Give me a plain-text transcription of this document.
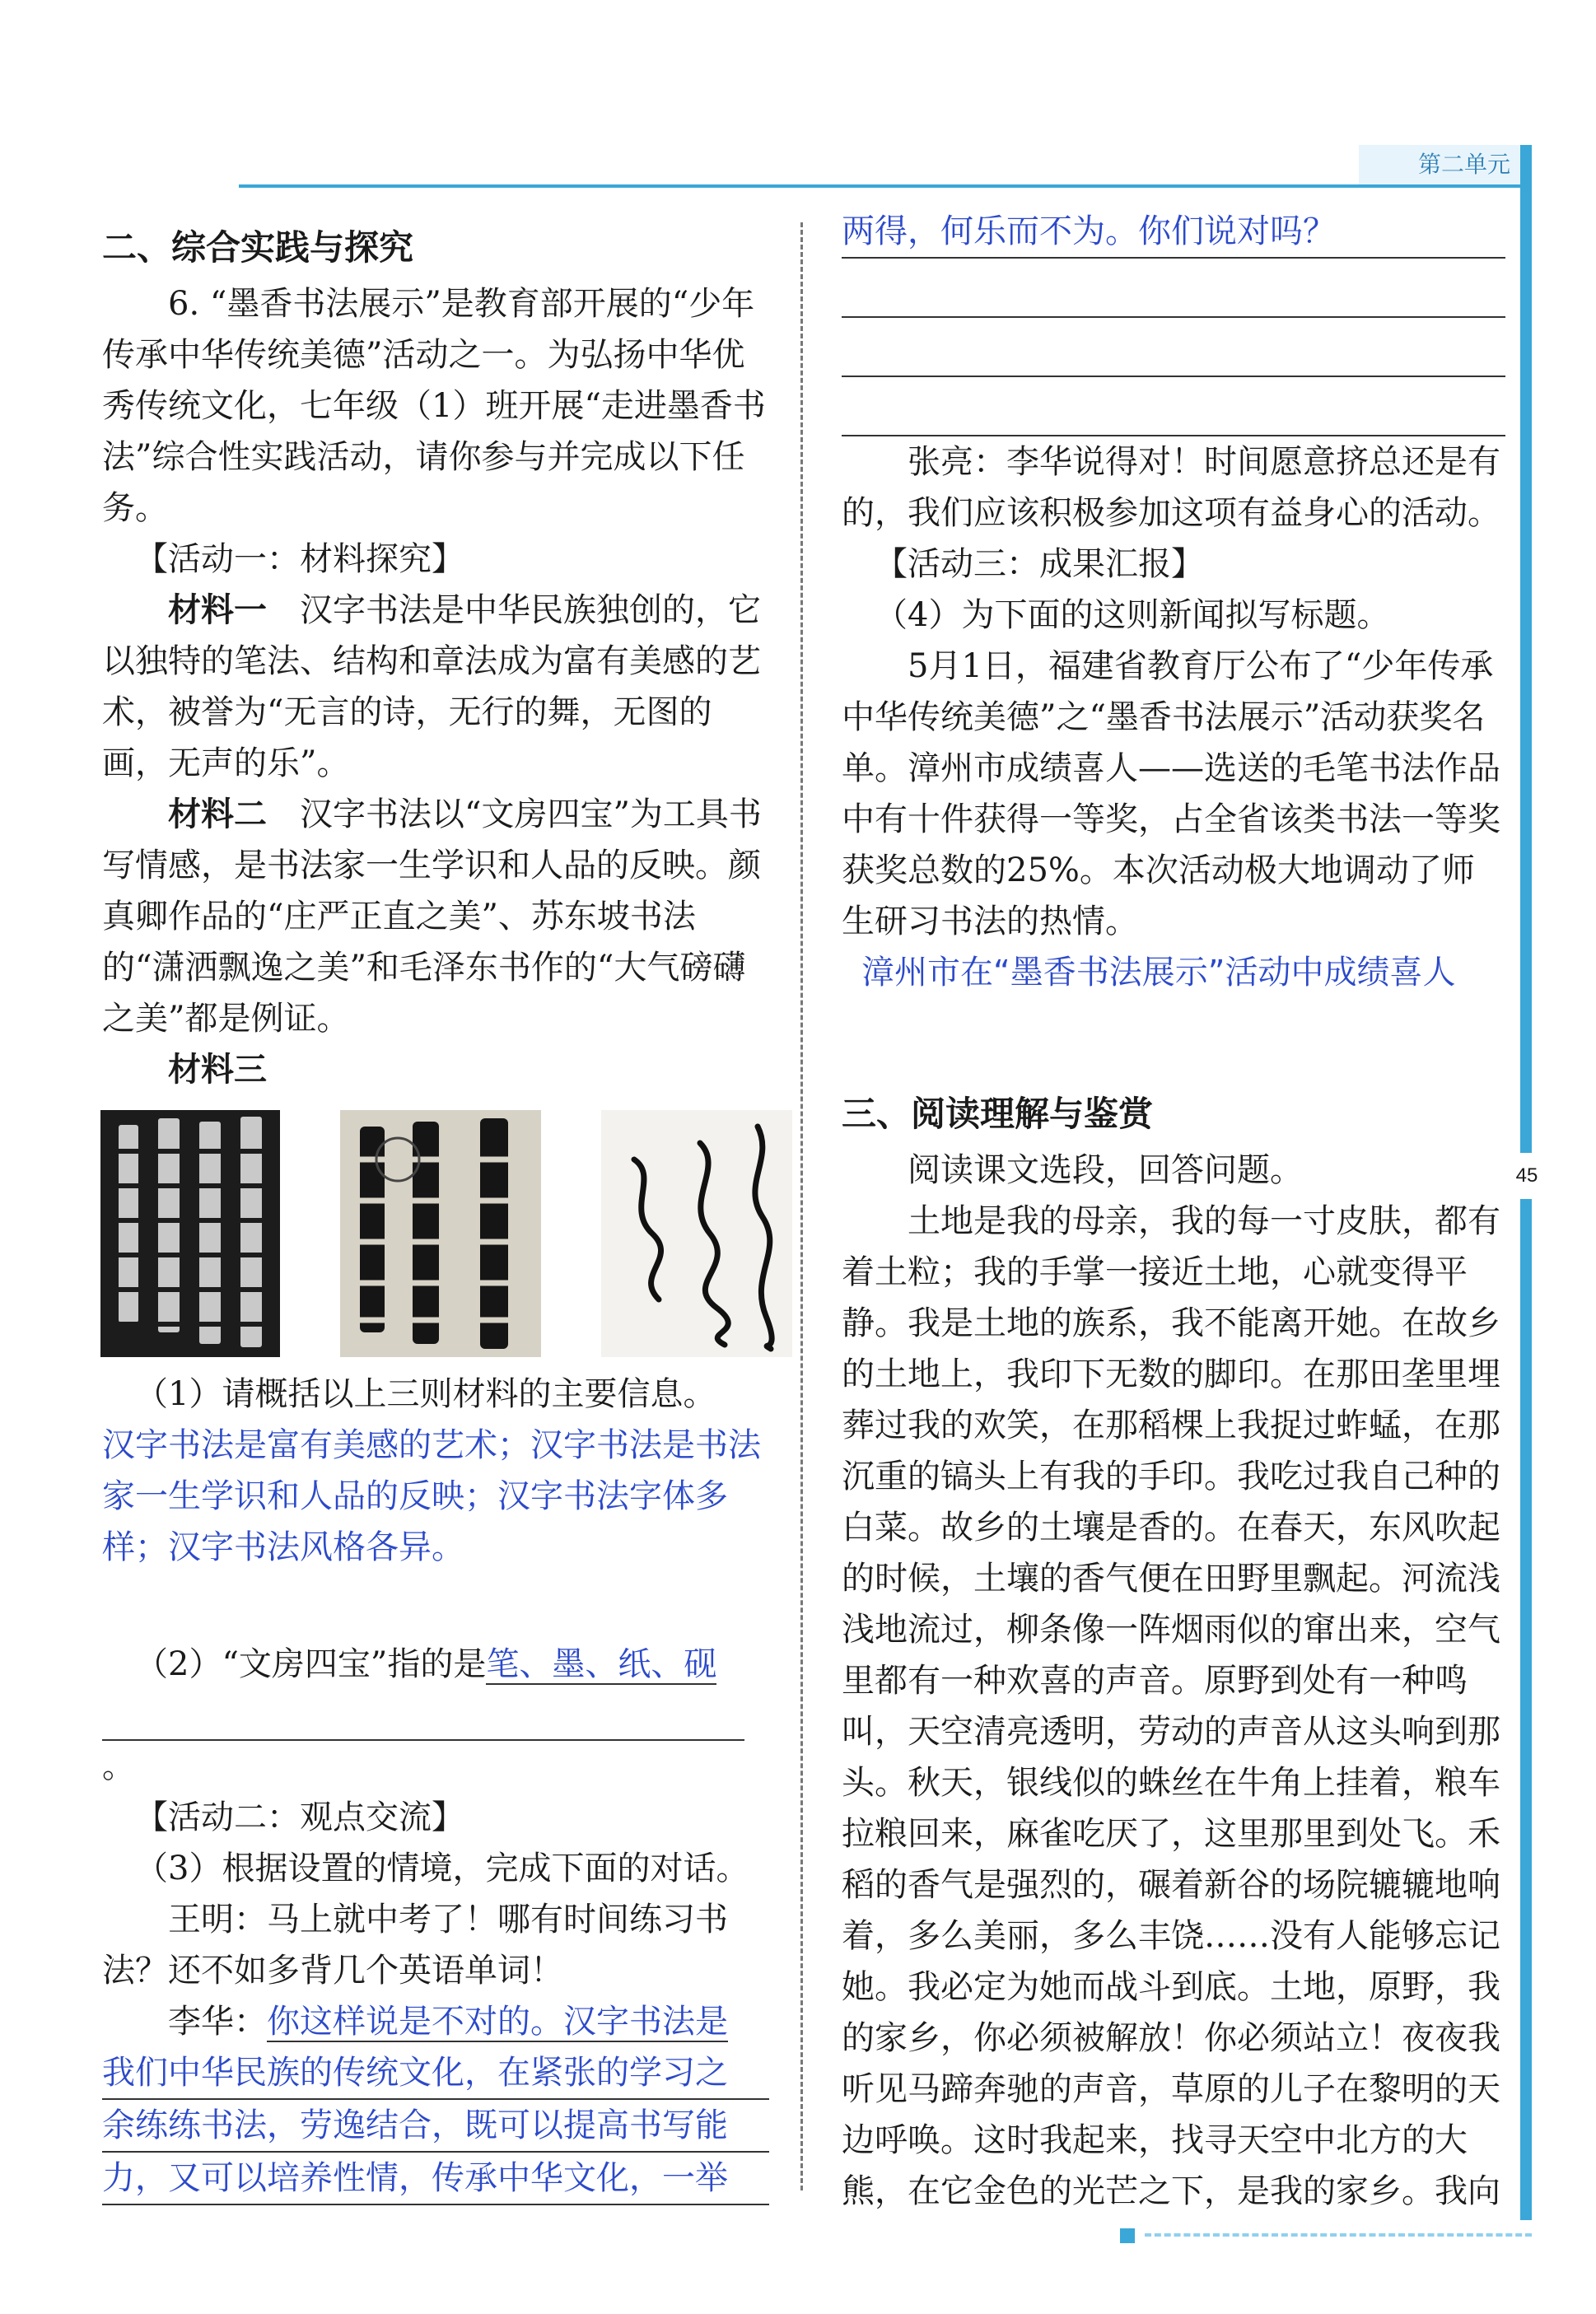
第二单元
45

二、综合实践与探究

6. “墨香书法展示”是教育部开展的“少年传承中华传统美德”活动之一。为弘扬中华优秀传统文化，七年级（1）班开展“走进墨香书法”综合性实践活动，请你参与并完成以下任务。

【活动一：材料探究】

材料一　 汉字书法是中华民族独创的，它以独特的笔法、结构和章法成为富有美感的艺术，被誉为“无言的诗，无行的舞，无图的画，无声的乐”。

材料二　 汉字书法以“文房四宝”为工具书写情感，是书法家一生学识和人品的反映。颜真卿作品的“庄严正直之美”、苏东坡书法的“潇洒飘逸之美”和毛泽东书作的“大气磅礴之美”都是例证。

材料三

（1）请概括以上三则材料的主要信息。

汉字书法是富有美感的艺术；汉字书法是书法家一生学识和人品的反映；汉字书法字体多样；汉字书法风格各异。

（2）“文房四宝”指的是笔、墨、纸、砚

。

【活动二：观点交流】

（3）根据设置的情境，完成下面的对话。

王明：马上就中考了！哪有时间练习书法？还不如多背几个英语单词！

李华：你这样说是不对的。汉字书法是

我们中华民族的传统文化，在紧张的学习之

余练练书法，劳逸结合，既可以提高书写能

力，又可以培养性情，传承中华文化，一举

两得，何乐而不为。你们说对吗？

张亮：李华说得对！时间愿意挤总还是有的，我们应该积极参加这项有益身心的活动。

【活动三：成果汇报】

（4）为下面的这则新闻拟写标题。

5月1日，福建省教育厅公布了“少年传承中华传统美德”之“墨香书法展示”活动获奖名单。漳州市成绩喜人——选送的毛笔书法作品中有十件获得一等奖，占全省该类书法一等奖获奖总数的25%。本次活动极大地调动了师生研习书法的热情。

漳州市在“墨香书法展示”活动中成绩喜人

三、阅读理解与鉴赏

阅读课文选段，回答问题。

土地是我的母亲，我的每一寸皮肤，都有着土粒；我的手掌一接近土地，心就变得平静。我是土地的族系，我不能离开她。在故乡的土地上，我印下无数的脚印。在那田垄里埋葬过我的欢笑，在那稻棵上我捉过蚱蜢，在那沉重的镐头上有我的手印。我吃过我自己种的白菜。故乡的土壤是香的。在春天，东风吹起的时候，土壤的香气便在田野里飘起。河流浅浅地流过，柳条像一阵烟雨似的窜出来，空气里都有一种欢喜的声音。原野到处有一种鸣叫，天空清亮透明，劳动的声音从这头响到那头。秋天，银线似的蛛丝在牛角上挂着，粮车拉粮回来，麻雀吃厌了，这里那里到处飞。禾稻的香气是强烈的，碾着新谷的场院辘辘地响着，多么美丽，多么丰饶……没有人能够忘记她。我必定为她而战斗到底。土地，原野，我的家乡，你必须被解放！你必须站立！夜夜我听见马蹄奔驰的声音，草原的儿子在黎明的天边呼唤。这时我起来，找寻天空中北方的大熊，在它金色的光芒之下，是我的家乡。我向
